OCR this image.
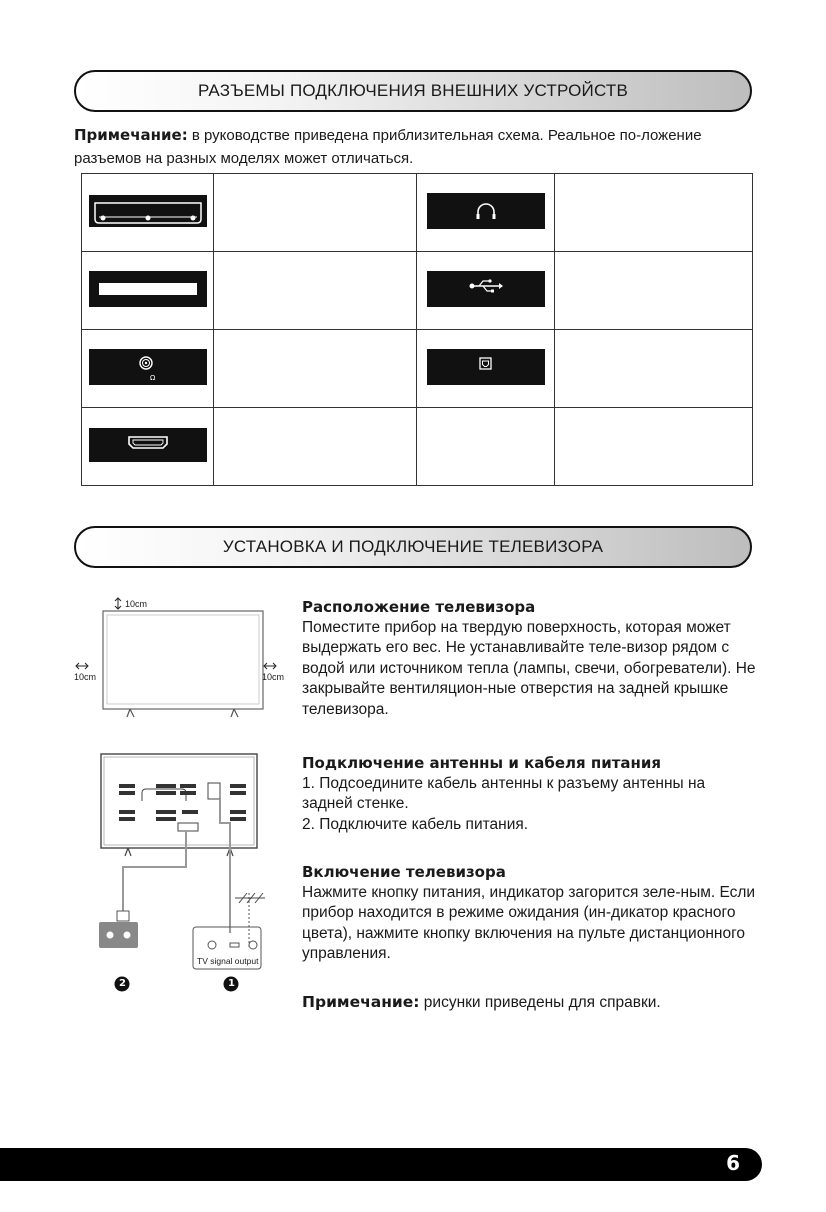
РАЗЪЕМЫ ПОДКЛЮЧЕНИЯ ВНЕШНИХ УСТРОЙСТВ
Примечание: в руководстве приведена приблизительная схема. Реальное по-ложение разъемов на разных моделях может отличаться.

Ω

УСТАНОВКА И ПОДКЛЮЧЕНИЕ ТЕЛЕВИЗОРА
10cm
10cm	10cm
TV signal output
2	1
Расположение телевизора
Поместите прибор на твердую поверхность, которая может выдержать его вес. Не устанавливайте теле-визор рядом с водой или источником тепла (лампы, свечи, обогреватели). Не закрывайте вентиляцион-ные отверстия на задней крышке телевизора.
Подключение антенны и кабеля питания
1. Подсоедините кабель антенны к разъему антенны на задней стенке.
2. Подключите кабель питания.
Включение телевизора
Нажмите кнопку питания, индикатор загорится зеле-ным. Если прибор находится в режиме ожидания (ин-дикатор красного цвета), нажмите кнопку включения на пульте дистанционного управления.
Примечание: рисунки приведены для справки.
6
